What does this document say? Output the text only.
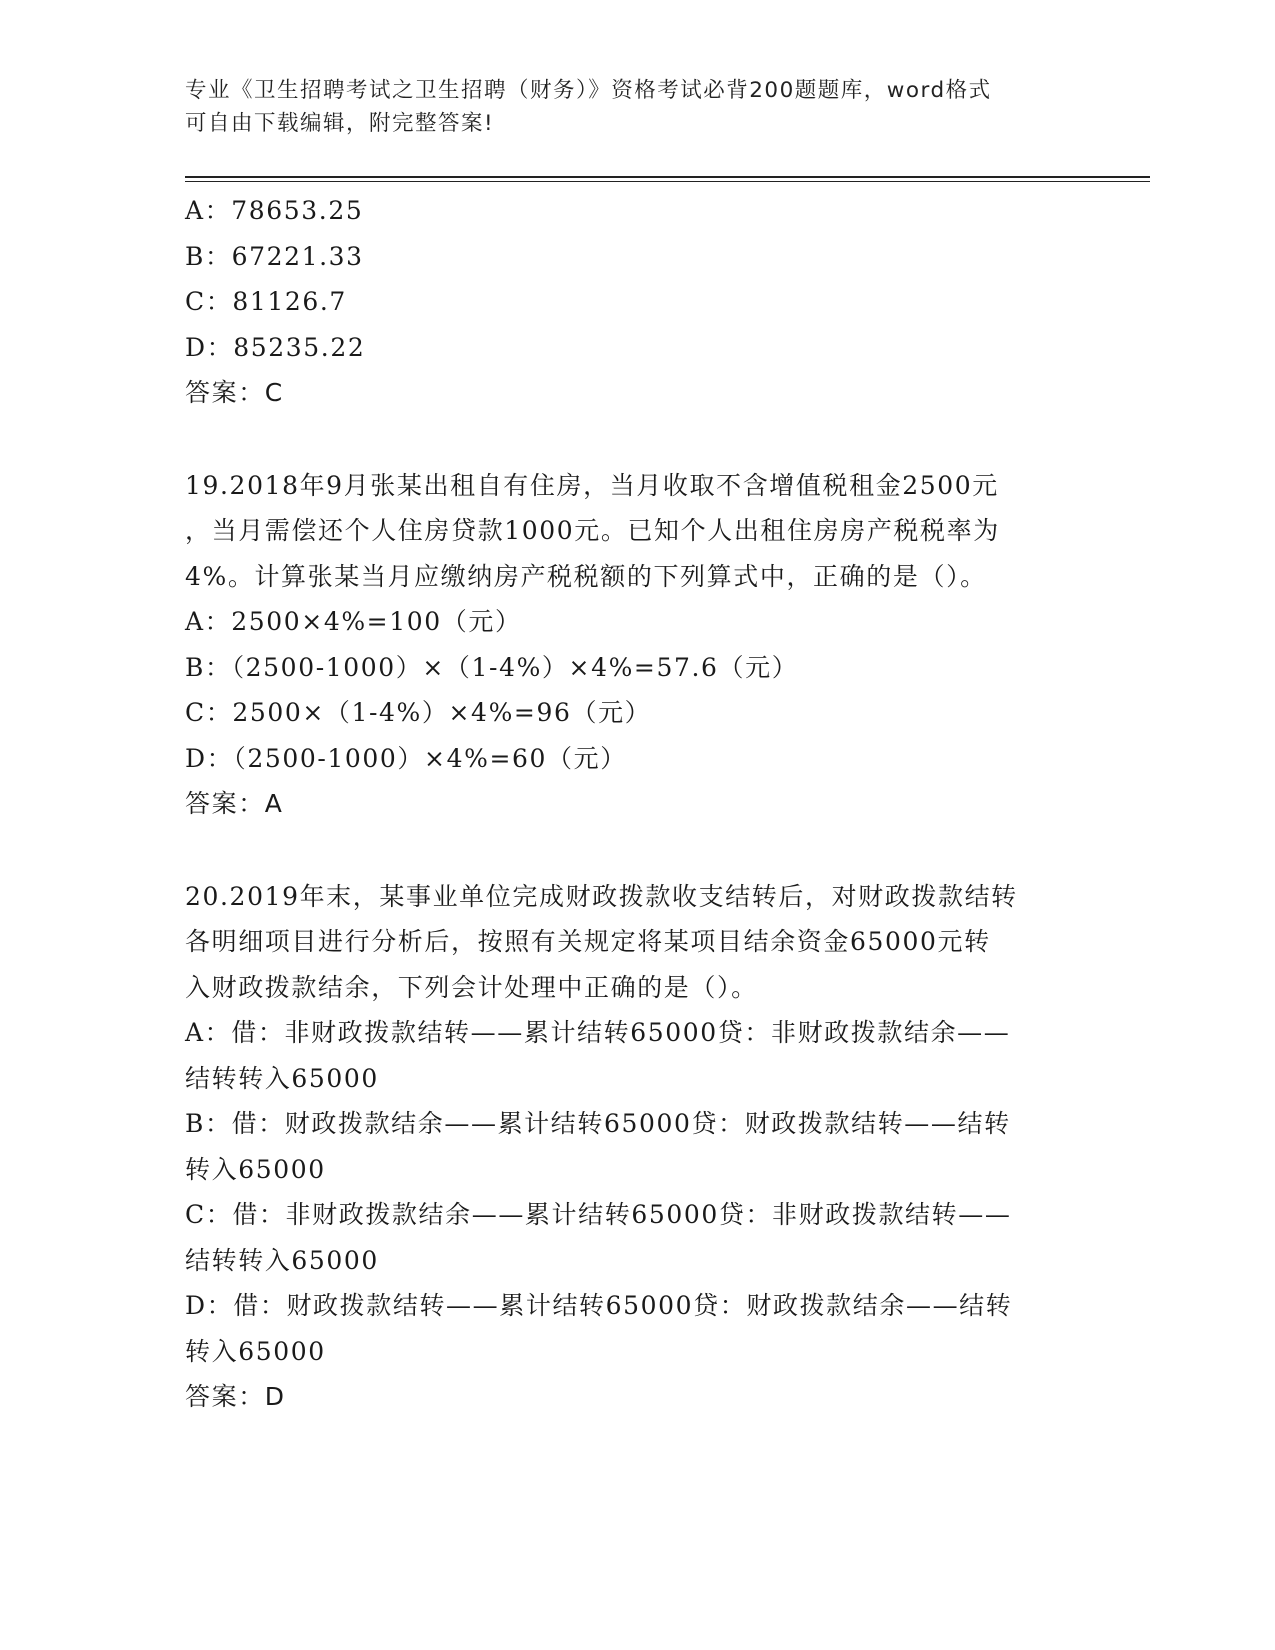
专业《卫生招聘考试之卫生招聘（财务）》资格考试必背200题题库，word格式
可自由下载编辑，附完整答案!
A：78653.25
B：67221.33
C：81126.7
D：85235.22
答案：C
19.2018年9月张某出租自有住房，当月收取不含增值税租金2500元
，当月需偿还个人住房贷款1000元。已知个人出租住房房产税税率为
4%。计算张某当月应缴纳房产税税额的下列算式中，正确的是（）。
A：2500×4%=100（元）
B：（2500-1000）×（1-4%）×4%=57.6（元）
C：2500×（1-4%）×4%=96（元）
D：（2500-1000）×4%=60（元）
答案：A
20.2019年末，某事业单位完成财政拨款收支结转后，对财政拨款结转
各明细项目进行分析后，按照有关规定将某项目结余资金65000元转
入财政拨款结余，下列会计处理中正确的是（）。
A：借：非财政拨款结转——累计结转65000贷：非财政拨款结余——
结转转入65000
B：借：财政拨款结余——累计结转65000贷：财政拨款结转——结转
转入65000
C：借：非财政拨款结余——累计结转65000贷：非财政拨款结转——
结转转入65000
D：借：财政拨款结转——累计结转65000贷：财政拨款结余——结转
转入65000
答案：D
